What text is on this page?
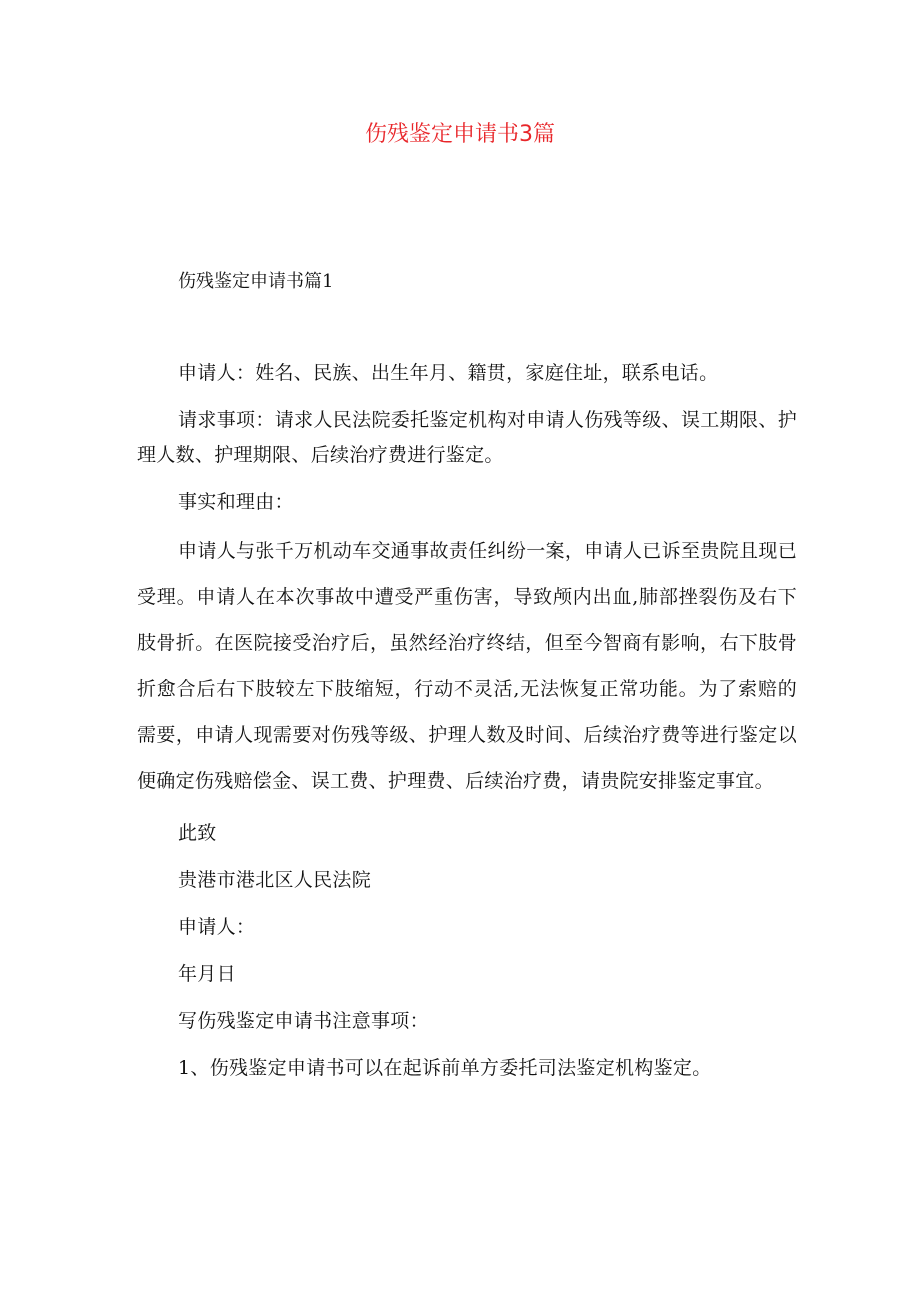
伤残鉴定申请书3篇
伤残鉴定申请书篇1

申请人：姓名、民族、出生年月、籍贯，家庭住址，联系电话。

请求事项：请求人民法院委托鉴定机构对申请人伤残等级、误工期限、护理人数、护理期限、后续治疗费进行鉴定。

事实和理由：

申请人与张千万机动车交通事故责任纠纷一案，申请人已诉至贵院且现已受理。申请人在本次事故中遭受严重伤害，导致颅内出血,肺部挫裂伤及右下肢骨折。在医院接受治疗后，虽然经治疗终结，但至今智商有影响，右下肢骨折愈合后右下肢较左下肢缩短，行动不灵活,无法恢复正常功能。为了索赔的需要，申请人现需要对伤残等级、护理人数及时间、后续治疗费等进行鉴定以便确定伤残赔偿金、误工费、护理费、后续治疗费，请贵院安排鉴定事宜。

此致

贵港市港北区人民法院

申请人：

年月日

写伤残鉴定申请书注意事项：

1、伤残鉴定申请书可以在起诉前单方委托司法鉴定机构鉴定。
